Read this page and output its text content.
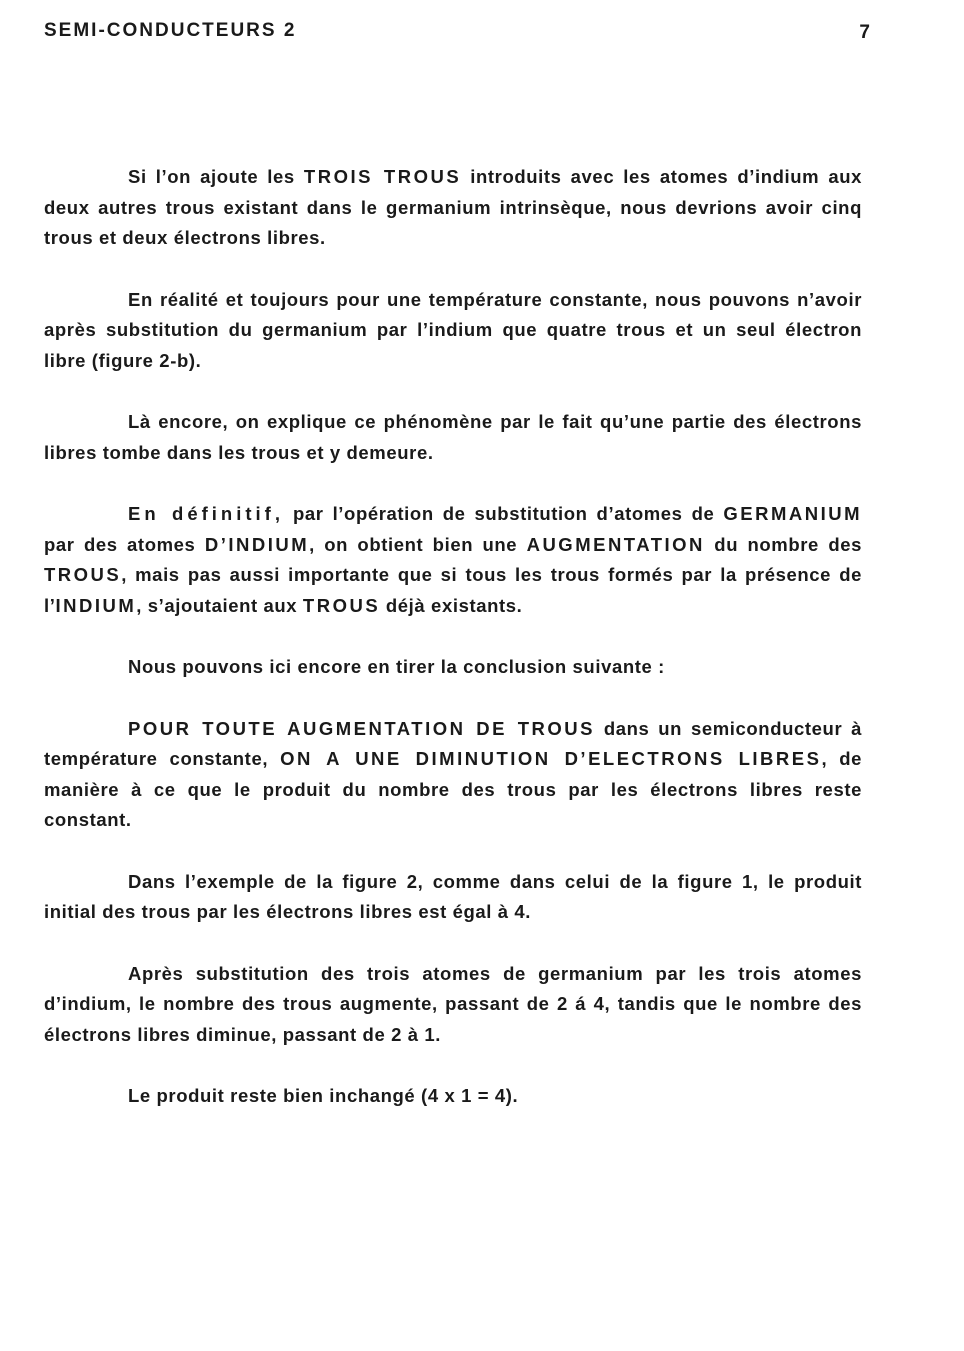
SEMI-CONDUCTEURS 2	7

Si l’on ajoute les TROIS TROUS introduits avec les atomes d’indium aux deux autres trous existant dans le germanium intrinsèque, nous devrions avoir cinq trous et deux électrons libres.

En réalité et toujours pour une température constante, nous pouvons n’avoir après substitution du germanium par l’indium que quatre trous et un seul électron libre (figure 2-b).

Là encore, on explique ce phénomène par le fait qu’une partie des électrons libres tombe dans les trous et y demeure.

En définitif, par l’opération de substitution d’atomes de GERMANIUM par des atomes D’INDIUM, on obtient bien une AUGMENTATION du nombre des TROUS, mais pas aussi importante que si tous les trous formés par la présence de l’INDIUM, s’ajoutaient aux TROUS déjà existants.

Nous pouvons ici encore en tirer la conclusion suivante :

POUR TOUTE AUGMENTATION DE TROUS dans un semiconducteur à température constante, ON A UNE DIMINUTION D’ELECTRONS LIBRES, de manière à ce que le produit du nombre des trous par les électrons libres reste constant.

Dans l’exemple de la figure 2, comme dans celui de la figure 1, le produit initial des trous par les électrons libres est égal à 4.

Après substitution des trois atomes de germanium par les trois atomes d’indium, le nombre des trous augmente, passant de 2 á 4, tandis que le nombre des électrons libres diminue, passant de 2 à 1.

Le produit reste bien inchangé (4 x 1 = 4).
